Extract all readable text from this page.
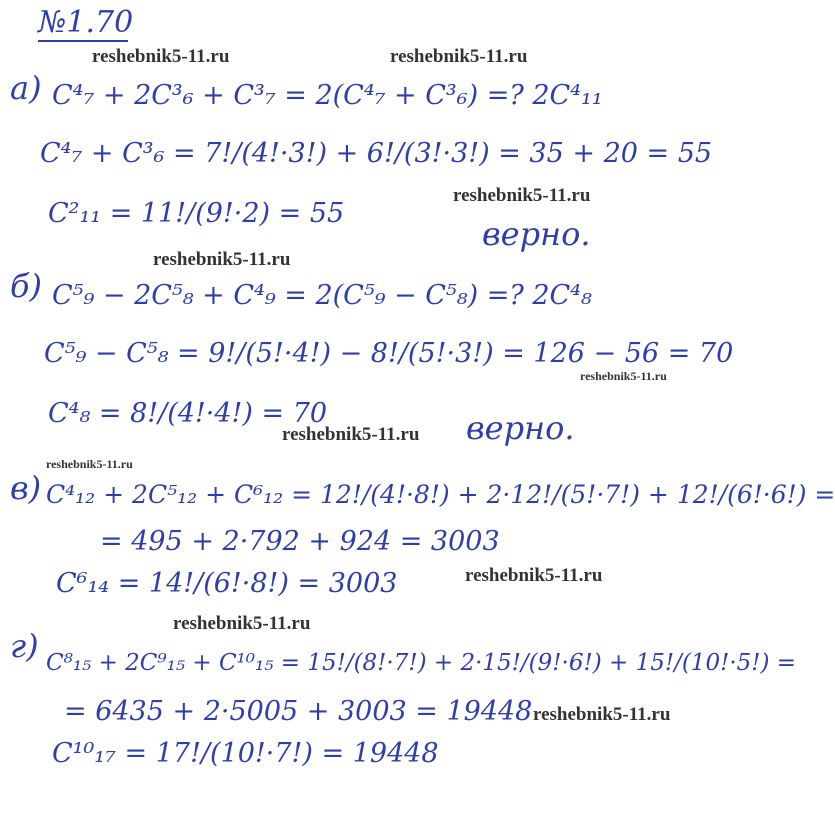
№1.70
reshebnik5-11.ru	reshebnik5-11.ru
reshebnik5-11.ru
reshebnik5-11.ru
reshebnik5-11.ru
reshebnik5-11.ru
reshebnik5-11.ru
reshebnik5-11.ru
reshebnik5-11.ru
reshebnik5-11.ru
а) C⁴₇ + 2C³₆ + C³₇ = 2(C⁴₇ + C³₆) =? 2C⁴₁₁
C⁴₇ + C³₆ = 7!/(4!·3!) + 6!/(3!·3!) = 35 + 20 = 55
C²₁₁ = 11!/(9!·2) = 55
верно.
б) C⁵₉ − 2C⁵₈ + C⁴₉ = 2(C⁵₉ − C⁵₈) =? 2C⁴₈
C⁵₉ − C⁵₈ = 9!/(5!·4!) − 8!/(5!·3!) = 126 − 56 = 70
C⁴₈ = 8!/(4!·4!) = 70	верно.
в) C⁴₁₂ + 2C⁵₁₂ + C⁶₁₂ = 12!/(4!·8!) + 2·12!/(5!·7!) + 12!/(6!·6!) =
= 495 + 2·792 + 924 = 3003
C⁶₁₄ = 14!/(6!·8!) = 3003
г) C⁸₁₅ + 2C⁹₁₅ + C¹⁰₁₅ = 15!/(8!·7!) + 2·15!/(9!·6!) + 15!/(10!·5!) =
= 6435 + 2·5005 + 3003 = 19448
C¹⁰₁₇ = 17!/(10!·7!) = 19448
